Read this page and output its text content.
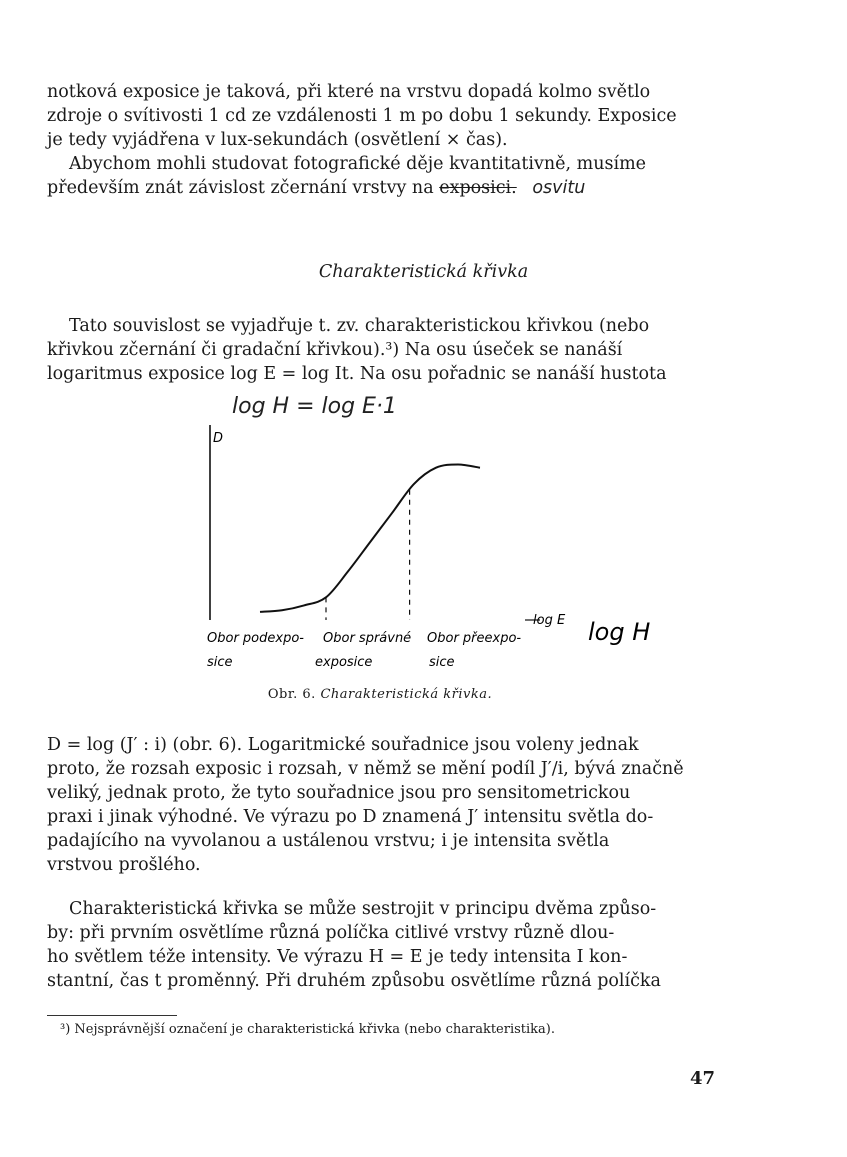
notková exposice je taková, při které na vrstvu dopadá kolmo světlo
zdroje o svítivosti 1 cd ze vzdálenosti 1 m po dobu 1 sekundy. Exposice
je tedy vyjádřena v lux-sekundách (osvětlení × čas).
Abychom mohli studovat fotografické děje kvantitativně, musíme
především znát závislost zčernání vrstvy na exposici. osvitu
Charakteristická křivka
Tato souvislost se vyjadřuje t. zv. charakteristickou křivkou (nebo
křivkou zčernání či gradační křivkou).³) Na osu úseček se nanáší
logaritmus exposice log E = log It. Na osu pořadnic se nanáší hustota
log H = log E·1
D
log E log H
Obor podexpo-
sice
Obor správné
exposice
Obor přeexpo-
sice
Obr. 6. Charakteristická křivka.
D = log (J′ : i) (obr. 6). Logaritmické souřadnice jsou voleny jednak
proto, že rozsah exposic i rozsah, v němž se mění podíl J′/i, bývá značně
veliký, jednak proto, že tyto souřadnice jsou pro sensitometrickou
praxi i jinak výhodné. Ve výrazu po D znamená J′ intensitu světla do-
padajícího na vyvolanou a ustálenou vrstvu; i je intensita světla
vrstvou prošlého.
Charakteristická křivka se může sestrojit v principu dvěma způso-
by: při prvním osvětlíme různá políčka citlivé vrstvy různě dlou-
ho světlem téže intensity. Ve výrazu H = E je tedy intensita I kon-
stantní, čas t proměnný. Při druhém způsobu osvětlíme různá políčka
³) Nejsprávnější označení je charakteristická křivka (nebo charakteristika).
47
